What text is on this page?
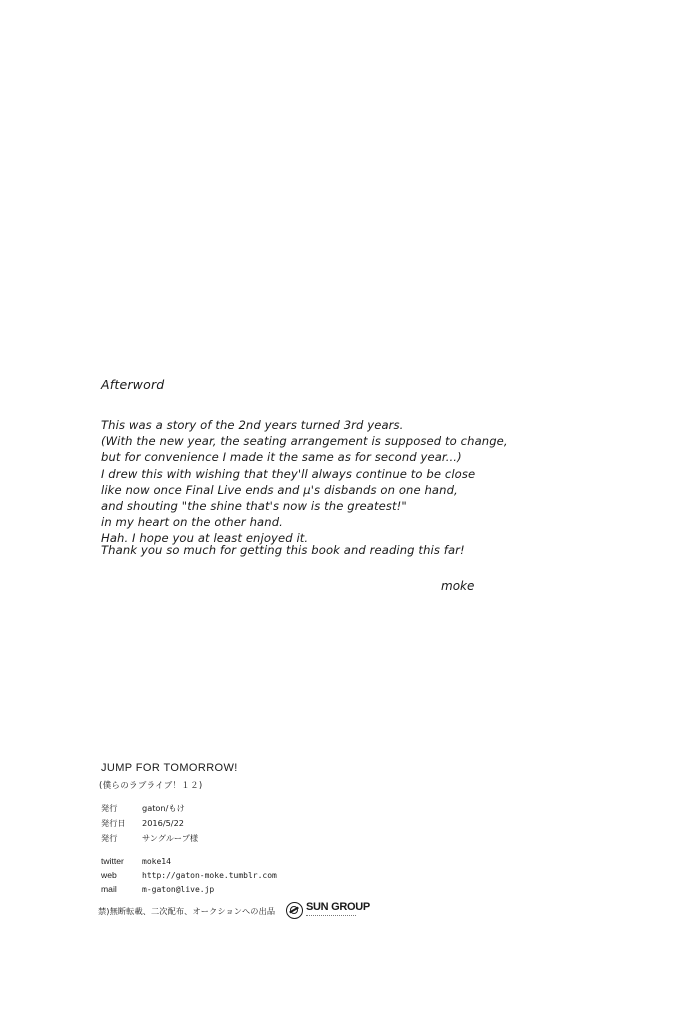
Afterword
This was a story of the 2nd years turned 3rd years.
(With the new year, the seating arrangement is supposed to change,
but for convenience I made it the same as for second year...)
I drew this with wishing that they'll always continue to be close
like now once Final Live ends and μ's disbands on one hand,
and shouting "the shine that's now is the greatest!"
in my heart on the other hand.
Hah. I hope you at least enjoyed it.
Thank you so much for getting this book and reading this far!
moke
JUMP FOR TOMORROW!
(僕らのラブライブ！１２)
発行	gaton/もけ
発行日 2016/5/22
発行	サングループ様
twitter moke14
web	http://gaton-moke.tumblr.com
mail	m-gaton@live.jp
禁)無断転載、二次配布、オークションへの出品	SUN GROUP
